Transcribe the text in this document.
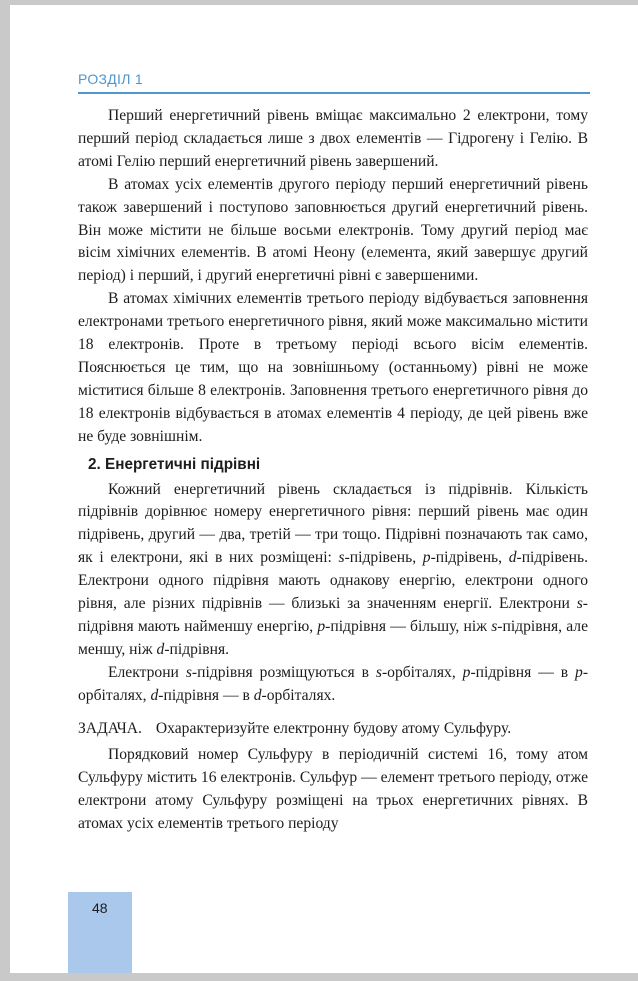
РОЗДІЛ 1

Перший енергетичний рівень вміщає максимально 2 електрони, тому перший період складається лише з двох елементів — Гідрогену і Гелію. В атомі Гелію перший енергетичний рівень завершений.

В атомах усіх елементів другого періоду перший енергетичний рівень також завершений і поступово заповнюється другий енергетичний рівень. Він може містити не більше восьми електронів. Тому другий період має вісім хімічних елементів. В атомі Неону (елемента, який завершує другий період) і перший, і другий енергетичні рівні є завершеними.

В атомах хімічних елементів третього періоду відбувається заповнення електронами третього енергетичного рівня, який може максимально містити 18 електронів. Проте в третьому періоді всього вісім елементів. Пояснюється це тим, що на зовнішньому (останньому) рівні не може міститися більше 8 електронів. Заповнення третього енергетичного рівня до 18 електронів відбувається в атомах елементів 4 періоду, де цей рівень вже не буде зовнішнім.

2. Енергетичні підрівні

Кожний енергетичний рівень складається із підрівнів. Кількість підрівнів дорівнює номеру енергетичного рівня: перший рівень має один підрівень, другий — два, третій — три тощо. Підрівні позначають так само, як і електрони, які в них розміщені: s-підрівень, p-підрівень, d-підрівень. Електрони одного підрівня мають однакову енергію, електрони одного рівня, але різних підрівнів — близькі за значенням енергії. Електрони s-підрівня мають найменшу енергію, p-підрівня — більшу, ніж s-підрівня, але меншу, ніж d-підрівня.

Електрони s-підрівня розміщуються в s-орбіталях, p-підрівня — в p-орбіталях, d-підрівня — в d-орбіталях.

ЗАДАЧА. Охарактеризуйте електронну будову атому Сульфуру.

Порядковий номер Сульфуру в періодичній системі 16, тому атом Сульфуру містить 16 електронів. Сульфур — елемент третього періоду, отже електрони атому Сульфуру розміщені на трьох енергетичних рівнях. В атомах усіх елементів третього періоду

48
